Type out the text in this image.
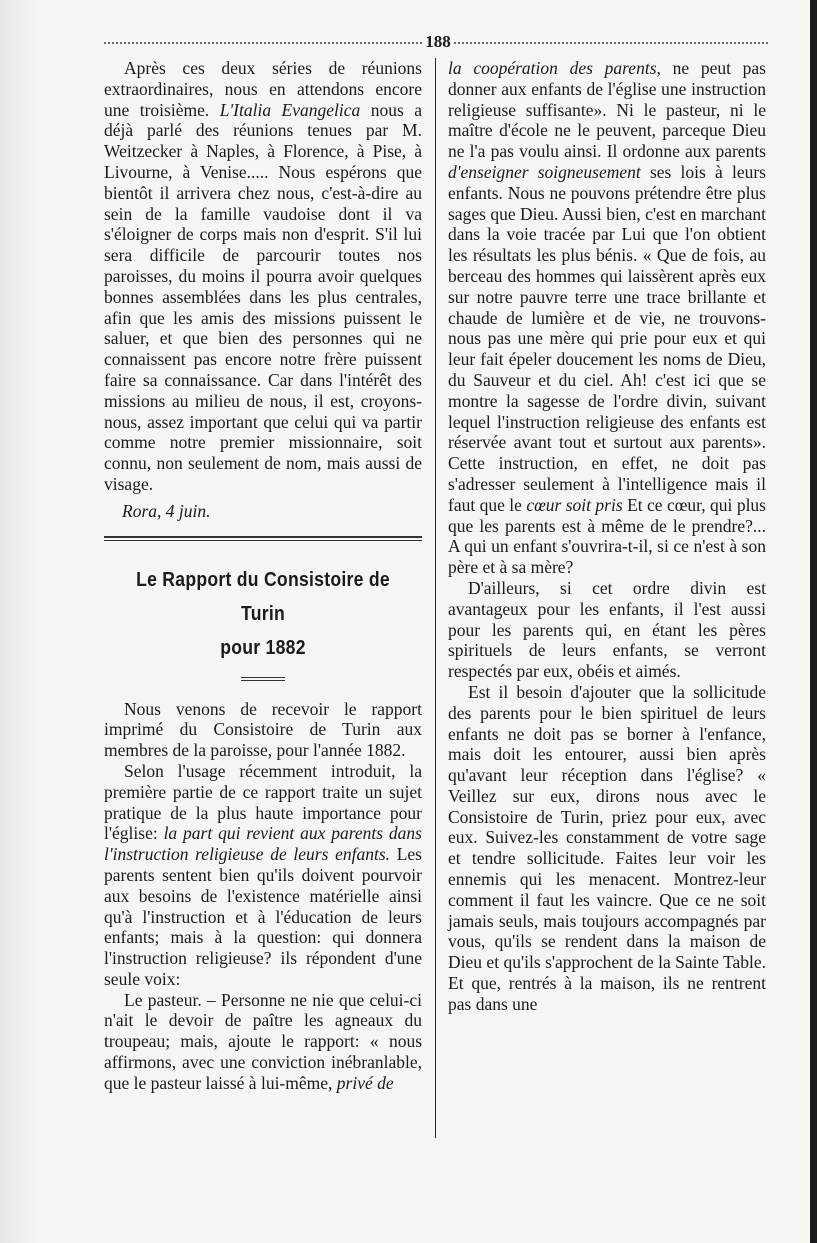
188

Après ces deux séries de réunions extraordinaires, nous en attendons encore une troisième. L'Italia Evangelica nous a déjà parlé des réunions tenues par M. Weitzecker à Naples, à Florence, à Pise, à Livourne, à Venise..... Nous espérons que bientôt il arrivera chez nous, c'est-à-dire au sein de la famille vaudoise dont il va s'éloigner de corps mais non d'esprit. S'il lui sera difficile de parcourir toutes nos paroisses, du moins il pourra avoir quelques bonnes assemblées dans les plus centrales, afin que les amis des missions puissent le saluer, et que bien des personnes qui ne connaissent pas encore notre frère puissent faire sa connaissance. Car dans l'intérêt des missions au milieu de nous, il est, croyons-nous, assez important que celui qui va partir comme notre premier missionnaire, soit connu, non seulement de nom, mais aussi de visage.

Rora, 4 juin.

Le Rapport du Consistoire de Turin
pour 1882

Nous venons de recevoir le rapport imprimé du Consistoire de Turin aux membres de la paroisse, pour l'année 1882.

Selon l'usage récemment introduit, la première partie de ce rapport traite un sujet pratique de la plus haute importance pour l'église: la part qui revient aux parents dans l'instruction religieuse de leurs enfants. Les parents sentent bien qu'ils doivent pourvoir aux besoins de l'existence matérielle ainsi qu'à l'instruction et à l'éducation de leurs enfants; mais à la question: qui donnera l'instruction religieuse? ils répondent d'une seule voix:

Le pasteur. – Personne ne nie que celui-ci n'ait le devoir de paître les agneaux du troupeau; mais, ajoute le rapport: « nous affirmons, avec une conviction inébranlable, que le pasteur laissé à lui-même, privé de

la coopération des parents, ne peut pas donner aux enfants de l'église une instruction religieuse suffisante». Ni le pasteur, ni le maître d'école ne le peuvent, parceque Dieu ne l'a pas voulu ainsi. Il ordonne aux parents d'enseigner soigneusement ses lois à leurs enfants. Nous ne pouvons prétendre être plus sages que Dieu. Aussi bien, c'est en marchant dans la voie tracée par Lui que l'on obtient les résultats les plus bénis. « Que de fois, au berceau des hommes qui laissèrent après eux sur notre pauvre terre une trace brillante et chaude de lumière et de vie, ne trouvons-nous pas une mère qui prie pour eux et qui leur fait épeler doucement les noms de Dieu, du Sauveur et du ciel. Ah! c'est ici que se montre la sagesse de l'ordre divin, suivant lequel l'instruction religieuse des enfants est réservée avant tout et surtout aux parents». Cette instruction, en effet, ne doit pas s'adresser seulement à l'intelligence mais il faut que le cœur soit pris Et ce cœur, qui plus que les parents est à même de le prendre?... A qui un enfant s'ouvrira-t-il, si ce n'est à son père et à sa mère?

D'ailleurs, si cet ordre divin est avantageux pour les enfants, il l'est aussi pour les parents qui, en étant les pères spirituels de leurs enfants, se verront respectés par eux, obéis et aimés.

Est il besoin d'ajouter que la sollicitude des parents pour le bien spirituel de leurs enfants ne doit pas se borner à l'enfance, mais doit les entourer, aussi bien après qu'avant leur réception dans l'église? « Veillez sur eux, dirons nous avec le Consistoire de Turin, priez pour eux, avec eux. Suivez-les constamment de votre sage et tendre sollicitude. Faites leur voir les ennemis qui les menacent. Montrez-leur comment il faut les vaincre. Que ce ne soit jamais seuls, mais toujours accompagnés par vous, qu'ils se rendent dans la maison de Dieu et qu'ils s'approchent de la Sainte Table. Et que, rentrés à la maison, ils ne rentrent pas dans une
